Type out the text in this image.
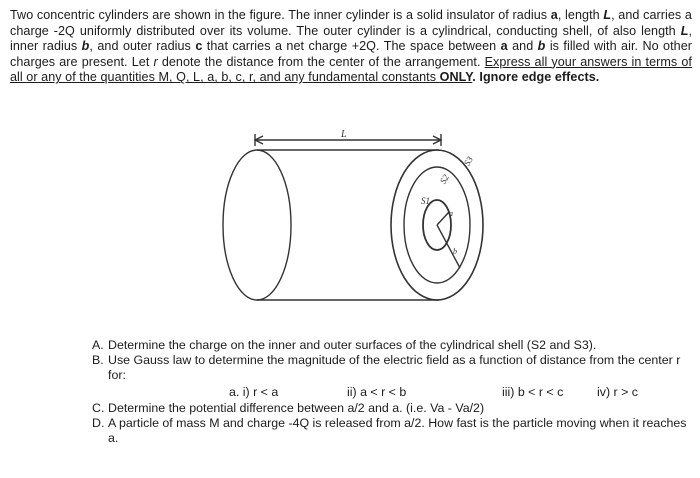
Two concentric cylinders are shown in the figure. The inner cylinder is a solid insulator of radius a, length L, and carries a charge -2Q uniformly distributed over its volume. The outer cylinder is a cylindrical, conducting shell, of also length L, inner radius b, and outer radius c that carries a net charge +2Q. The space between a and b is filled with air. No other charges are present. Let r denote the distance from the center of the arrangement. Express all your answers in terms of all or any of the quantities M, Q, L, a, b, c, r, and any fundamental constants ONLY. Ignore edge effects.

L
S1
S2
S3
a
b
A. Determine the charge on the inner and outer surfaces of the cylindrical shell (S2 and S3).
B. Use Gauss law to determine the magnitude of the electric field as a function of distance from the center r for:
a. i) r < a	ii) a < r < b	iii) b < r < c	iv) r > c
C. Determine the potential difference between a/2 and a. (i.e. Va - Va/2)
D. A particle of mass M and charge -4Q is released from a/2. How fast is the particle moving when it reaches a.
